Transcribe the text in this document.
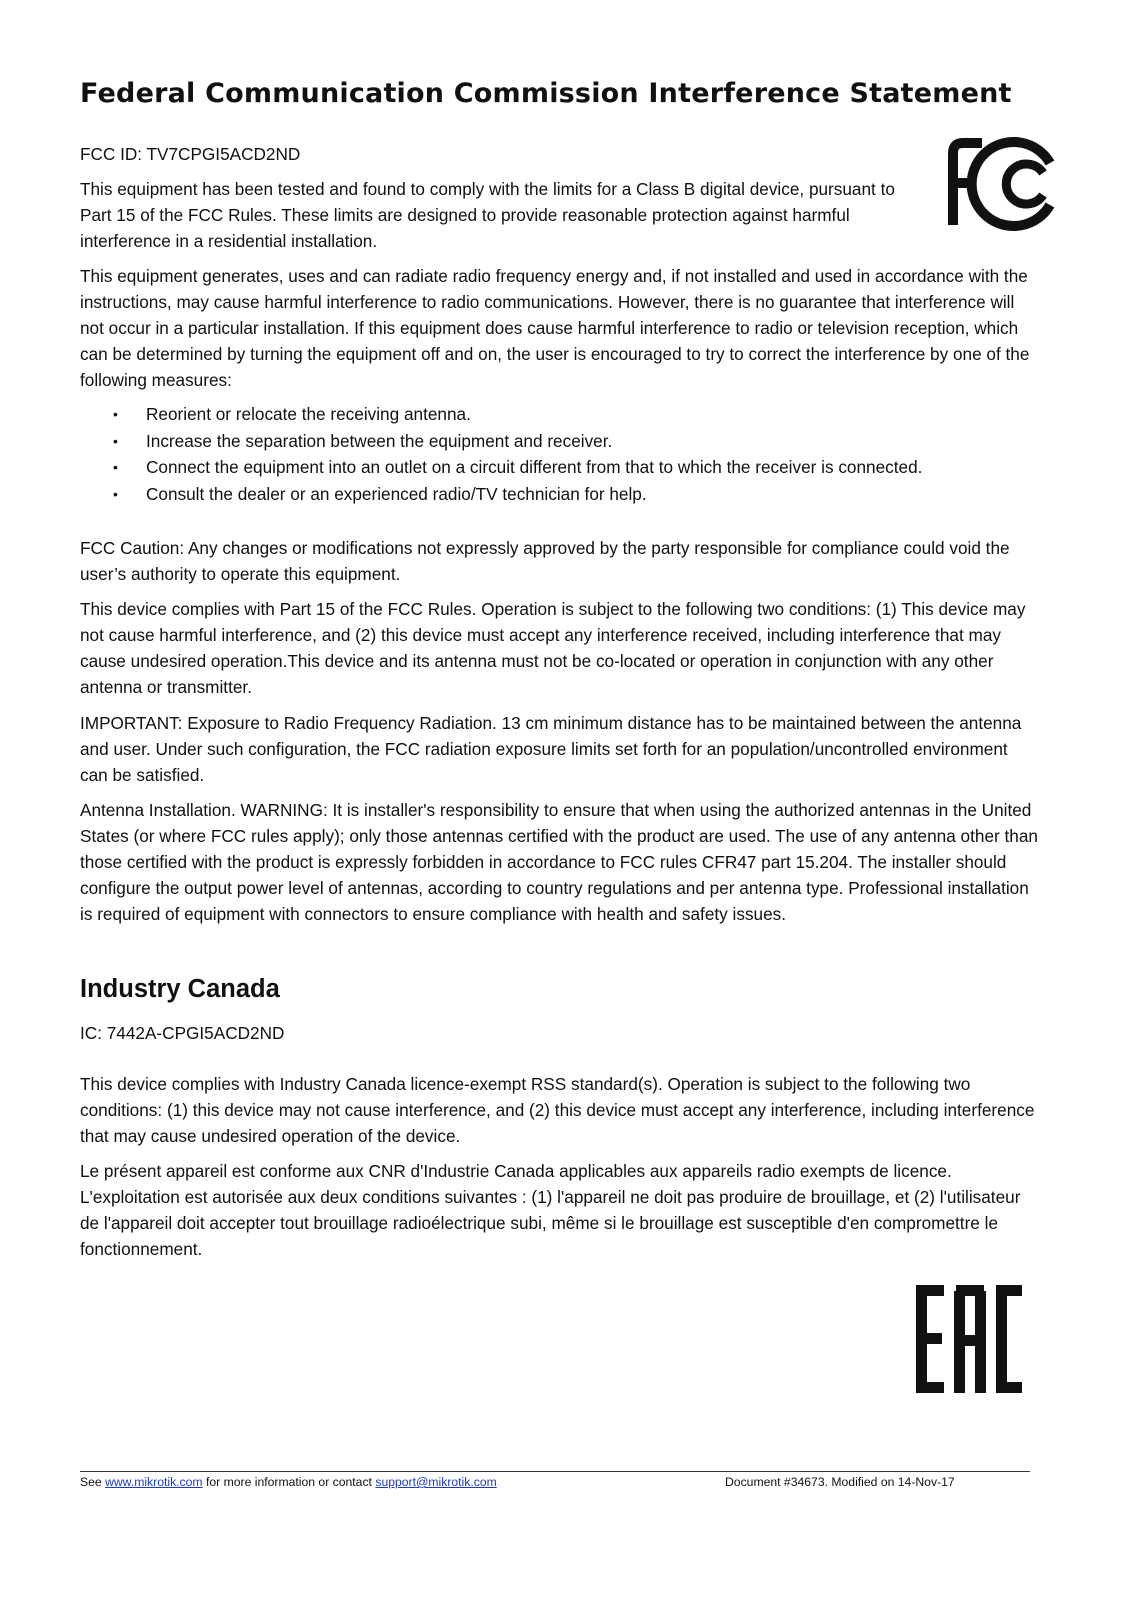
Federal Communication Commission Interference Statement

FCC ID: TV7CPGI5ACD2ND

This equipment has been tested and found to comply with the limits for a Class B digital device, pursuant to Part 15 of the FCC Rules. These limits are designed to provide reasonable protection against harmful interference in a residential installation.

This equipment generates, uses and can radiate radio frequency energy and, if not installed and used in accordance with the instructions, may cause harmful interference to radio communications. However, there is no guarantee that interference will not occur in a particular installation. If this equipment does cause harmful interference to radio or television reception, which can be determined by turning the equipment off and on, the user is encouraged to try to correct the interference by one of the following measures:

• Reorient or relocate the receiving antenna.
• Increase the separation between the equipment and receiver.
• Connect the equipment into an outlet on a circuit different from that to which the receiver is connected.
• Consult the dealer or an experienced radio/TV technician for help.

FCC Caution: Any changes or modifications not expressly approved by the party responsible for compliance could void the user’s authority to operate this equipment.

This device complies with Part 15 of the FCC Rules. Operation is subject to the following two conditions: (1) This device may not cause harmful interference, and (2) this device must accept any interference received, including interference that may cause undesired operation.This device and its antenna must not be co-located or operation in conjunction with any other antenna or transmitter.

IMPORTANT: Exposure to Radio Frequency Radiation. 13 cm minimum distance has to be maintained between the antenna and user. Under such configuration, the FCC radiation exposure limits set forth for an population/uncontrolled environment can be satisfied.

Antenna Installation. WARNING: It is installer's responsibility to ensure that when using the authorized antennas in the United States (or where FCC rules apply); only those antennas certified with the product are used. The use of any antenna other than those certified with the product is expressly forbidden in accordance to FCC rules CFR47 part 15.204. The installer should configure the output power level of antennas, according to country regulations and per antenna type. Professional installation is required of equipment with connectors to ensure compliance with health and safety issues.

Industry Canada

IC: 7442A-CPGI5ACD2ND

This device complies with Industry Canada licence-exempt RSS standard(s). Operation is subject to the following two conditions: (1) this device may not cause interference, and (2) this device must accept any interference, including interference that may cause undesired operation of the device.

Le présent appareil est conforme aux CNR d'Industrie Canada applicables aux appareils radio exempts de licence. L'exploitation est autorisée aux deux conditions suivantes : (1) l'appareil ne doit pas produire de brouillage, et (2) l'utilisateur de l'appareil doit accepter tout brouillage radioélectrique subi, même si le brouillage est susceptible d'en compromettre le fonctionnement.

See www.mikrotik.com for more information or contact support@mikrotik.com	Document #34673. Modified on 14-Nov-17
